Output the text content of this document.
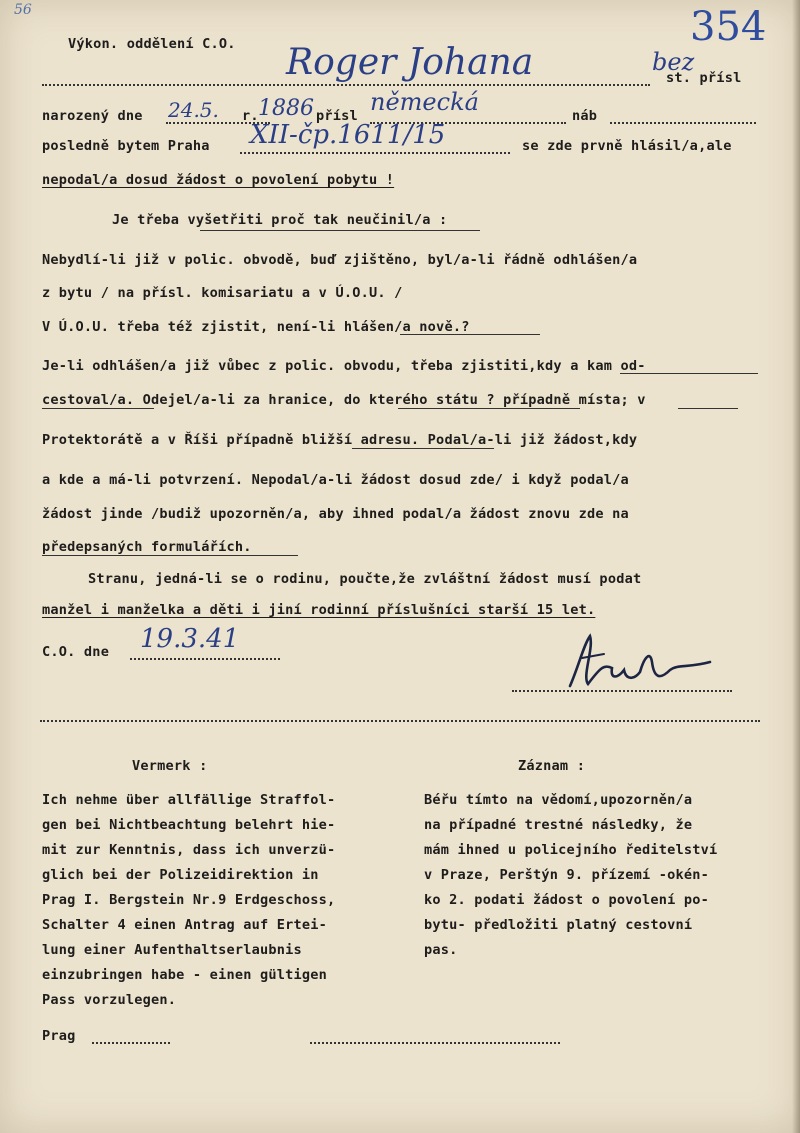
56
Výkon. oddělení C.O.	354
Roger Johana	bez
st. přísl
narozený dne 24.5. r. 1886 přísl německá	náb
posledně bytem Praha XII-čp.1611/15	se zde prvně hlásil/a,ale
nepodal/a dosud žádost o povolení pobytu !
Je třeba vyšetřiti proč tak neučinil/a :
Nebydlí-li již v polic. obvodě, buď zjištěno, byl/a-li řádně odhlášen/a
z bytu / na přísl. komisariatu a v Ú.O.U. /
V Ú.O.U. třeba též zjistit, není-li hlášen/a nově.?
Je-li odhlášen/a již vůbec z polic. obvodu, třeba zjistiti,kdy a kam od-
cestoval/a. Odejel/a-li za hranice, do kterého státu ? případně místa; v
Protektorátě a v Říši případně bližší adresu. Podal/a-li již žádost,kdy
a kde a má-li potvrzení. Nepodal/a-li žádost dosud zde/ i když podal/a
žádost jinde /budiž upozorněn/a, aby ihned podal/a žádost znovu zde na
předepsaných formulářích.
Stranu, jedná-li se o rodinu, poučte,že zvláštní žádost musí podat
manžel i manželka a děti i jiní rodinní příslušníci starší 15 let.
C.O. dne 19.3.41
Vermerk :
Ich nehme über allfällige Straffol-
gen bei Nichtbeachtung belehrt hie-
mit zur Kenntnis, dass ich unverzü-
glich bei der Polizeidirektion in
Prag I. Bergstein Nr.9 Erdgeschoss,
Schalter 4 einen Antrag auf Ertei-
lung einer Aufenthaltserlaubnis
einzubringen habe - einen gültigen
Pass vorzulegen.
Záznam :
Béřu tímto na vědomí,upozorněn/a
na případné trestné následky, že
mám ihned u policejního ředitelství
v Praze, Perštýn 9. přízemí -okén-
ko 2. podati žádost o povolení po-
bytu- předložiti platný cestovní
pas.
Prag
